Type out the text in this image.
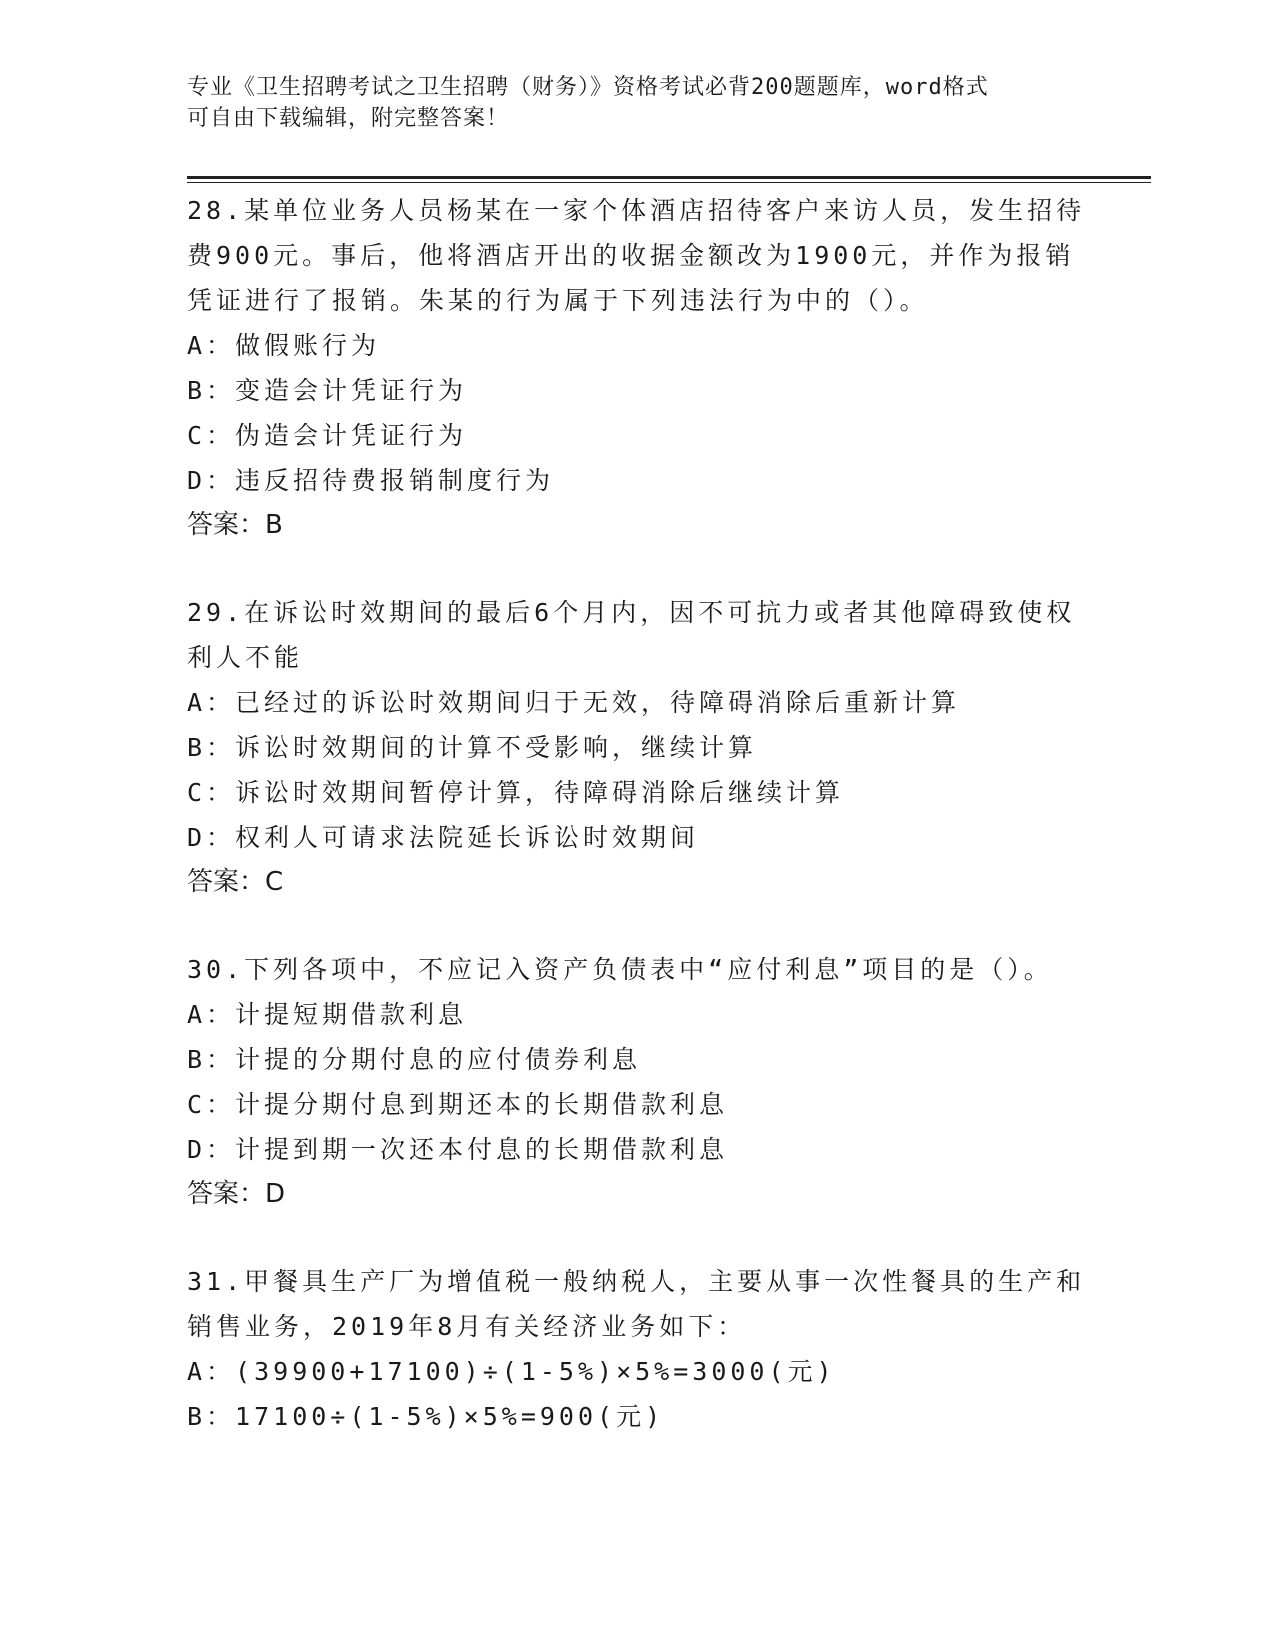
专业《卫生招聘考试之卫生招聘（财务）》资格考试必背200题题库，word格式
可自由下载编辑，附完整答案！
28.某单位业务人员杨某在一家个体酒店招待客户来访人员，发生招待费900元。事后，他将酒店开出的收据金额改为1900元，并作为报销凭证进行了报销。朱某的行为属于下列违法行为中的（）。
A：做假账行为
B：变造会计凭证行为
C：伪造会计凭证行为
D：违反招待费报销制度行为
答案：B
29.在诉讼时效期间的最后6个月内，因不可抗力或者其他障碍致使权利人不能
A：已经过的诉讼时效期间归于无效，待障碍消除后重新计算
B：诉讼时效期间的计算不受影响，继续计算
C：诉讼时效期间暂停计算，待障碍消除后继续计算
D：权利人可请求法院延长诉讼时效期间
答案：C
30.下列各项中，不应记入资产负债表中“应付利息”项目的是（）。
A：计提短期借款利息
B：计提的分期付息的应付债券利息
C：计提分期付息到期还本的长期借款利息
D：计提到期一次还本付息的长期借款利息
答案：D
31.甲餐具生产厂为增值税一般纳税人，主要从事一次性餐具的生产和销售业务，2019年8月有关经济业务如下：
A：(39900+17100)÷(1-5%)×5%=3000(元)
B：17100÷(1-5%)×5%=900(元)
